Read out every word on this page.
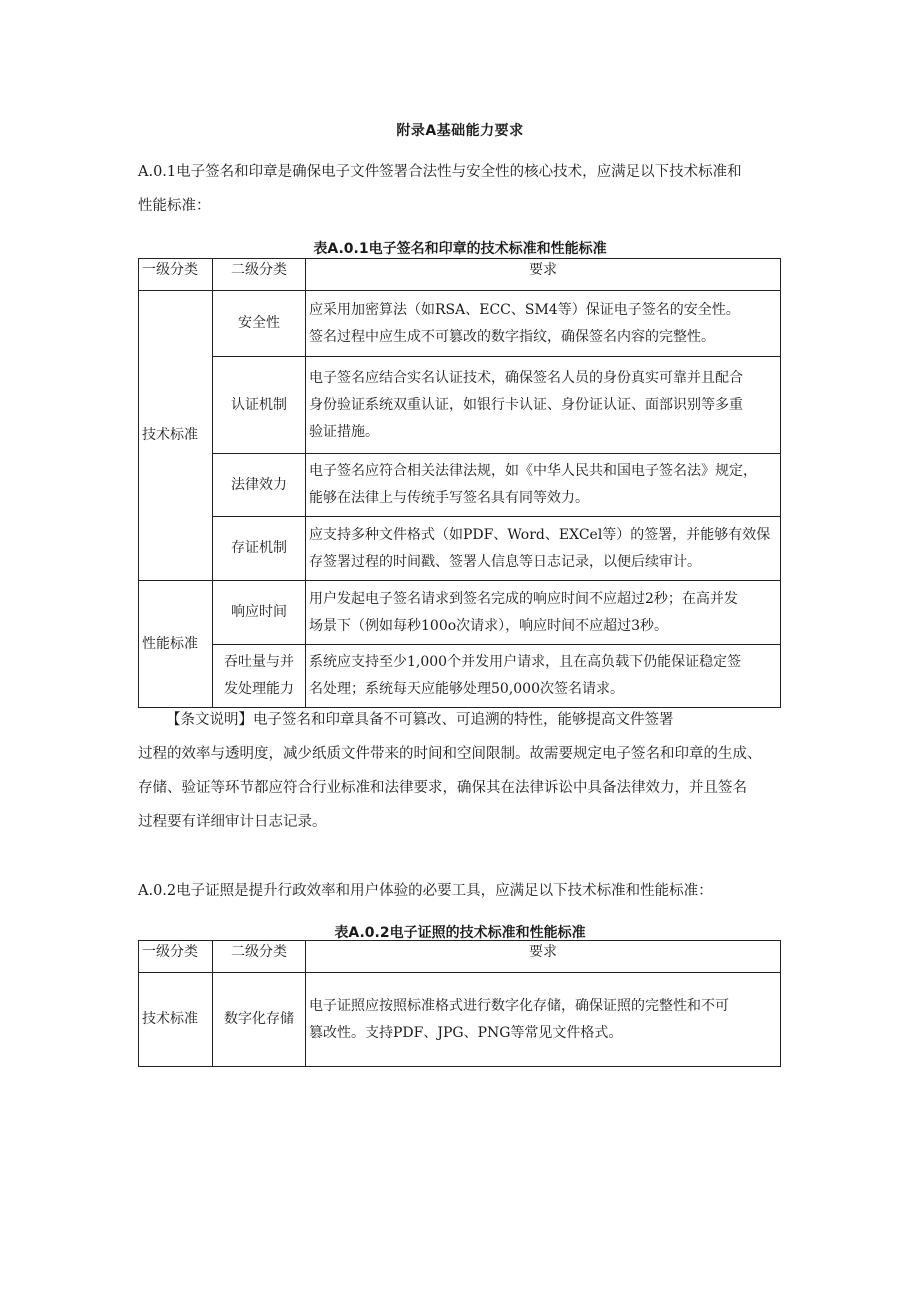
附录A基础能力要求
A.0.1电子签名和印章是确保电子文件签署合法性与安全性的核心技术，应满足以下技术标准和
性能标准：
表A.0.1电子签名和印章的技术标准和性能标准
一级分类	二级分类	要求
技术标准	安全性	应采用加密算法（如RSA、ECC、SM4等）保证电子签名的安全性。
签名过程中应生成不可篡改的数字指纹，确保签名内容的完整性。

	认证机制	电子签名应结合实名认证技术，确保签名人员的身份真实可靠并且配合
身份验证系统双重认证，如银行卡认证、身份证认证、面部识别等多重
验证措施。

	法律效力	电子签名应符合相关法律法规，如《中华人民共和国电子签名法》规定，
能够在法律上与传统手写签名具有同等效力。

	存证机制	应支持多种文件格式（如PDF、Word、EXCel等）的签署，并能够有效保
存签署过程的时间戳、签署人信息等日志记录，以便后续审计。

性能标准	响应时间	用户发起电子签名请求到签名完成的响应时间不应超过2秒；在高并发
场景下（例如每秒100o次请求），响应时间不应超过3秒。

	吞吐量与并
发处理能力	系统应支持至少1,000个并发用户请求，且在高负载下仍能保证稳定签
名处理；系统每天应能够处理50,000次签名请求。
【条文说明】电子签名和印章具备不可篡改、可追溯的特性，能够提高文件签署
过程的效率与透明度，减少纸质文件带来的时间和空间限制。故需要规定电子签名和印章的生成、
存储、验证等环节都应符合行业标准和法律要求，确保其在法律诉讼中具备法律效力，并且签名
过程要有详细审计日志记录。
A.0.2电子证照是提升行政效率和用户体验的必要工具，应满足以下技术标准和性能标准：
表A.0.2电子证照的技术标准和性能标准
一级分类	二级分类	要求
技术标准	数字化存储	电子证照应按照标准格式进行数字化存储，确保证照的完整性和不可
篡改性。支持PDF、JPG、PNG等常见文件格式。
